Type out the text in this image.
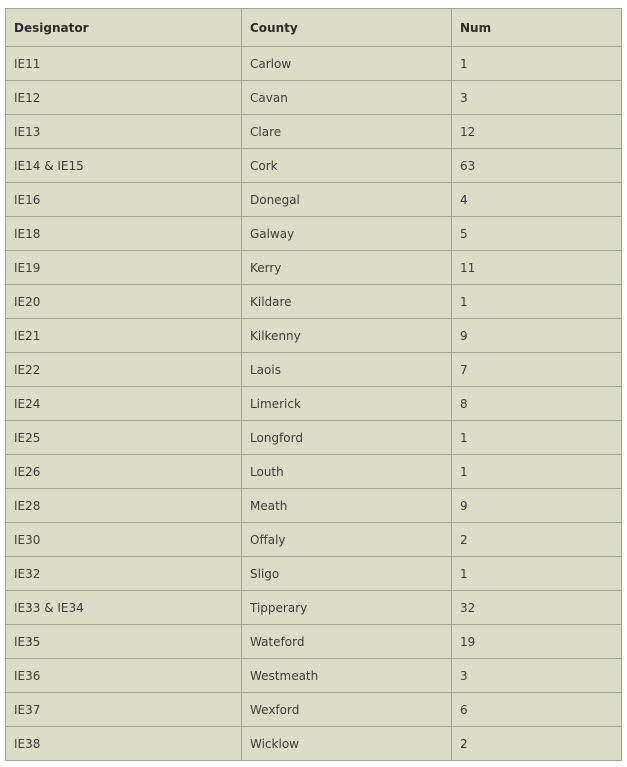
Designator	County	Num
IE11	Carlow	1
IE12	Cavan	3
IE13	Clare	12
IE14 & IE15	Cork	63
IE16	Donegal	4
IE18	Galway	5
IE19	Kerry	11
IE20	Kildare	1
IE21	Kilkenny	9
IE22	Laois	7
IE24	Limerick	8
IE25	Longford	1
IE26	Louth	1
IE28	Meath	9
IE30	Offaly	2
IE32	Sligo	1
IE33 & IE34	Tipperary	32
IE35	Wateford	19
IE36	Westmeath	3
IE37	Wexford	6
IE38	Wicklow	2
